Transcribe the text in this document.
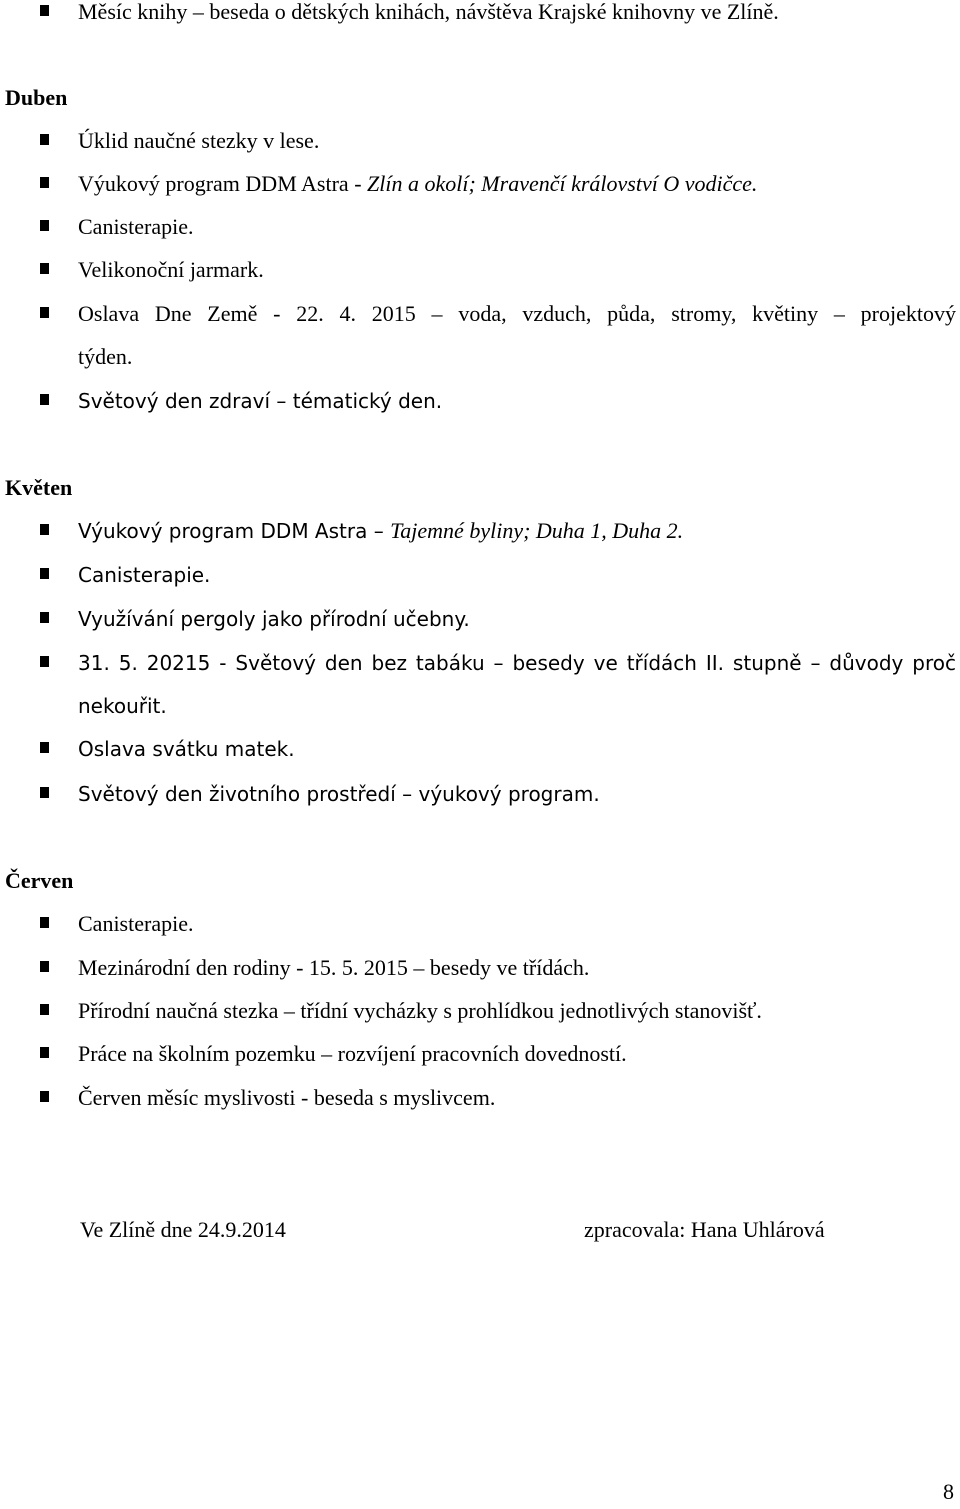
Měsíc knihy – beseda o dětských knihách, návštěva Krajské knihovny ve Zlíně.
Duben
Úklid naučné stezky v lese.
Výukový program DDM Astra - Zlín a okolí; Mravenčí království O vodičce.
Canisterapie.
Velikonoční jarmark.
Oslava Dne Země - 22. 4. 2015 – voda, vzduch, půda, stromy, květiny – projektový
týden.
Světový den zdraví – tématický den.
Květen
Výukový program DDM Astra – Tajemné byliny; Duha 1, Duha 2.
Canisterapie.
Využívání pergoly jako přírodní učebny.
31. 5. 20215 - Světový den bez tabáku – besedy ve třídách II. stupně – důvody proč
nekouřit.
Oslava svátku matek.
Světový den životního prostředí – výukový program.
Červen
Canisterapie.
Mezinárodní den rodiny - 15. 5. 2015 – besedy ve třídách.
Přírodní naučná stezka – třídní vycházky s prohlídkou jednotlivých stanovišť.
Práce na školním pozemku – rozvíjení pracovních dovedností.
Červen měsíc myslivosti - beseda s myslivcem.
Ve Zlíně dne 24.9.2014	zpracovala: Hana Uhlárová
8
